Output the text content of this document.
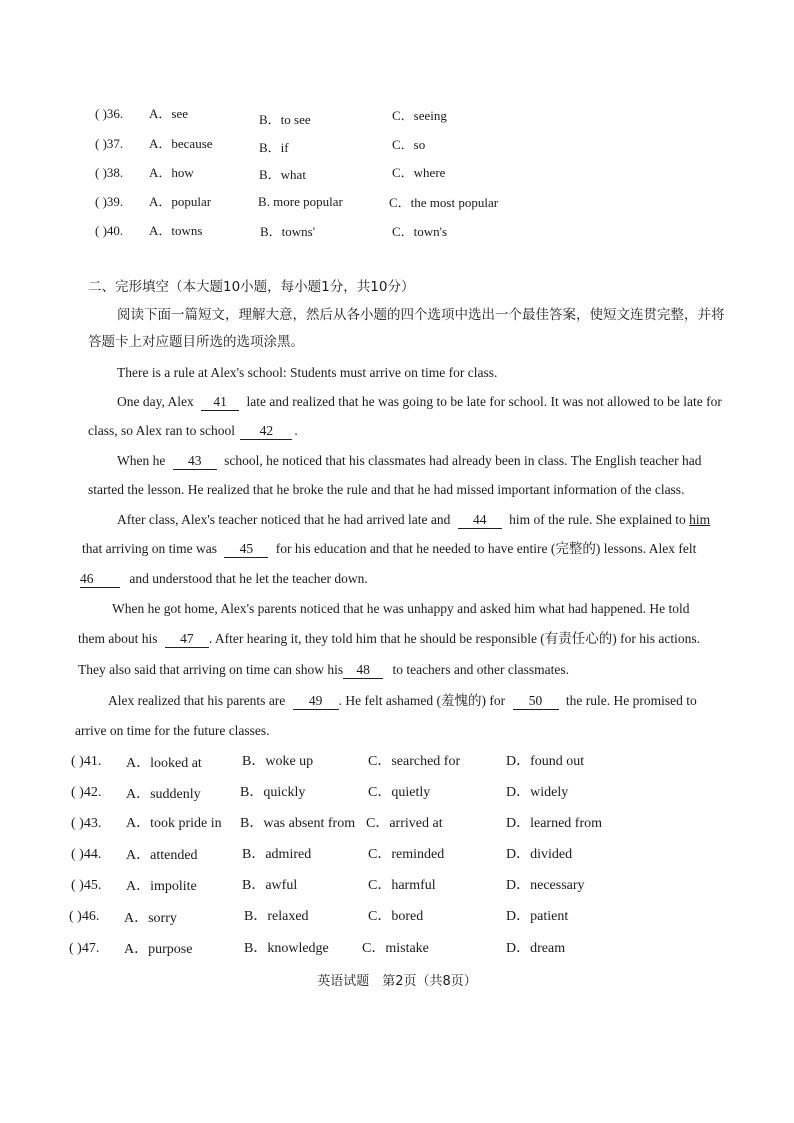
( )36. A．see	B．to see	C．seeing
( )37. A．because	B．if	C．so
( )38. A．how	B．what	C．where
( )39. A．popular	B. more popular	C．the most popular
( )40. A．towns	B．towns'	C．town's
二、完形填空（本大题10小题，每小题1分，共10分）
阅读下面一篇短文，理解大意，然后从各小题的四个选项中选出一个最佳答案，使短文连贯完整，并将
答题卡上对应题目所选的选项涂黑。
There is a rule at Alex's school: Students must arrive on time for class.
One day, Alex 41 late and realized that he was going to be late for school. It was not allowed to be late for
class, so Alex ran to school 42 .
When he 43 school, he noticed that his classmates had already been in class. The English teacher had
started the lesson. He realized that he broke the rule and that he had missed important information of the class.
After class, Alex's teacher noticed that he had arrived late and 44 him of the rule. She explained to him
that arriving on time was 45 for his education and that he needed to have entire (完整的) lessons. Alex felt
46	and understood that he let the teacher down.
When he got home, Alex's parents noticed that he was unhappy and asked him what had happened. He told
them about his 47 . After hearing it, they told him that he should be responsible (有责任心的) for his actions.
They also said that arriving on time can show his 48 to teachers and other classmates.
Alex realized that his parents are 49 . He felt ashamed (羞愧的) for 50 the rule. He promised to
arrive on time for the future classes.
( )41. A．looked at	B．woke up	C．searched for	D．found out
( )42. A．suddenly	B．quickly	C．quietly	D．widely
( )43. A．took pride in B．was absent from C．arrived at	D．learned from
( )44. A．attended	B．admired	C．reminded	D．divided
( )45. A．impolite	B．awful	C．harmful	D．necessary
( )46. A．sorry	B．relaxed	C．bored	D．patient
( )47. A．purpose	B．knowledge C．mistake	D．dream
英语试题　第2页（共8页）
